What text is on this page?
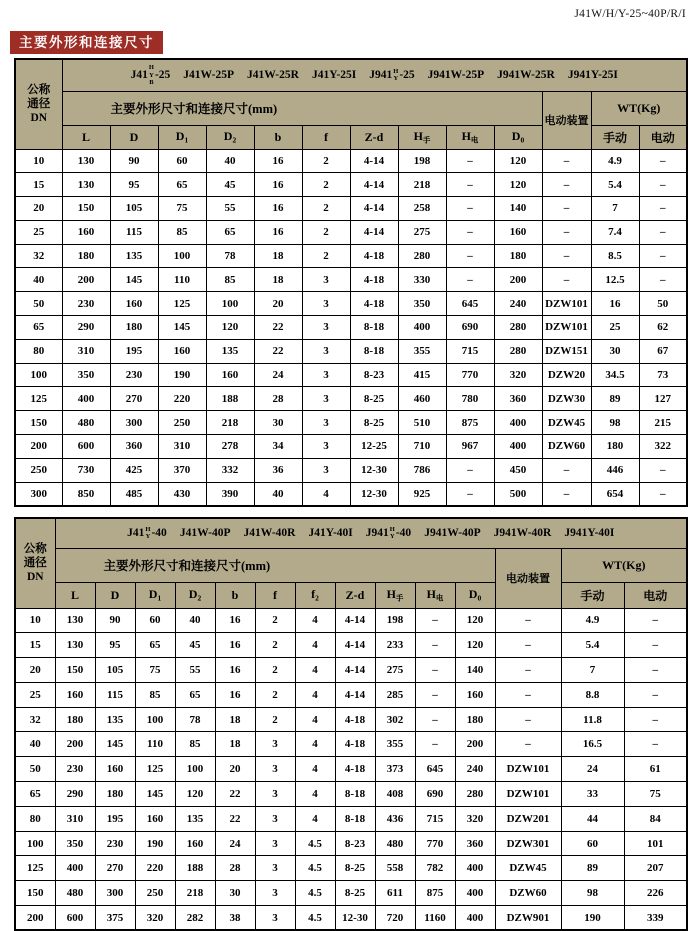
J41W/H/Y-25~40P/R/I
主要外形和连接尺寸
公称
通径
DN

J41
H
Y
B
-25 J41W-25P J41W-25R J41Y-25I J941 H
Y -25 J941W-25P J941W-25R J941Y-25I

	主要外形尺寸和连接尺寸(mm)										电动装置	WT(Kg)	
	L	D	$D_1$	$D_2$	b	f	Z-d	$H_手$	$H_电$	$D_0$		手动	电动
10	130	90	60	40	16	2	4-14	198	–	120	–	4.9	–
15	130	95	65	45	16	2	4-14	218	–	120	–	5.4	–
20	150	105	75	55	16	2	4-14	258	–	140	–	7	–
25	160	115	85	65	16	2	4-14	275	–	160	–	7.4	–
32	180	135	100	78	18	2	4-18	280	–	180	–	8.5	–
40	200	145	110	85	18	3	4-18	330	–	200	–	12.5	–
50	230	160	125	100	20	3	4-18	350	645	240	DZW101	16	50
65	290	180	145	120	22	3	8-18	400	690	280	DZW101	25	62
80	310	195	160	135	22	3	8-18	355	715	280	DZW151	30	67
100	350	230	190	160	24	3	8-23	415	770	320	DZW20	34.5	73
125	400	270	220	188	28	3	8-25	460	780	360	DZW30	89	127
150	480	300	250	218	30	3	8-25	510	875	400	DZW45	98	215
200	600	360	310	278	34	3	12-25	710	967	400	DZW60	180	322
250	730	425	370	332	36	3	12-30	786	–	450	–	446	–
300	850	485	430	390	40	4	12-30	925	–	500	–	654	–
公称
通径
DN

J41 H
Y -40 J41W-40P J41W-40R J41Y-40I J941 H
Y -40 J941W-40P J941W-40R J941Y-40I

	主要外形尺寸和连接尺寸(mm)											电动装置	WT(Kg)	
	L	D	$D_1$	$D_2$	b	f	$f_2$	Z-d	$H_手$	$H_电$	$D_0$		手动	电动
10	130	90	60	40	16	2	4	4-14	198	–	120	–	4.9	–
15	130	95	65	45	16	2	4	4-14	233	–	120	–	5.4	–
20	150	105	75	55	16	2	4	4-14	275	–	140	–	7	–
25	160	115	85	65	16	2	4	4-14	285	–	160	–	8.8	–
32	180	135	100	78	18	2	4	4-18	302	–	180	–	11.8	–
40	200	145	110	85	18	3	4	4-18	355	–	200	–	16.5	–
50	230	160	125	100	20	3	4	4-18	373	645	240	DZW101	24	61
65	290	180	145	120	22	3	4	8-18	408	690	280	DZW101	33	75
80	310	195	160	135	22	3	4	8-18	436	715	320	DZW201	44	84
100	350	230	190	160	24	3	4.5	8-23	480	770	360	DZW301	60	101
125	400	270	220	188	28	3	4.5	8-25	558	782	400	DZW45	89	207
150	480	300	250	218	30	3	4.5	8-25	611	875	400	DZW60	98	226
200	600	375	320	282	38	3	4.5	12-30	720	1160	400	DZW901	190	339
